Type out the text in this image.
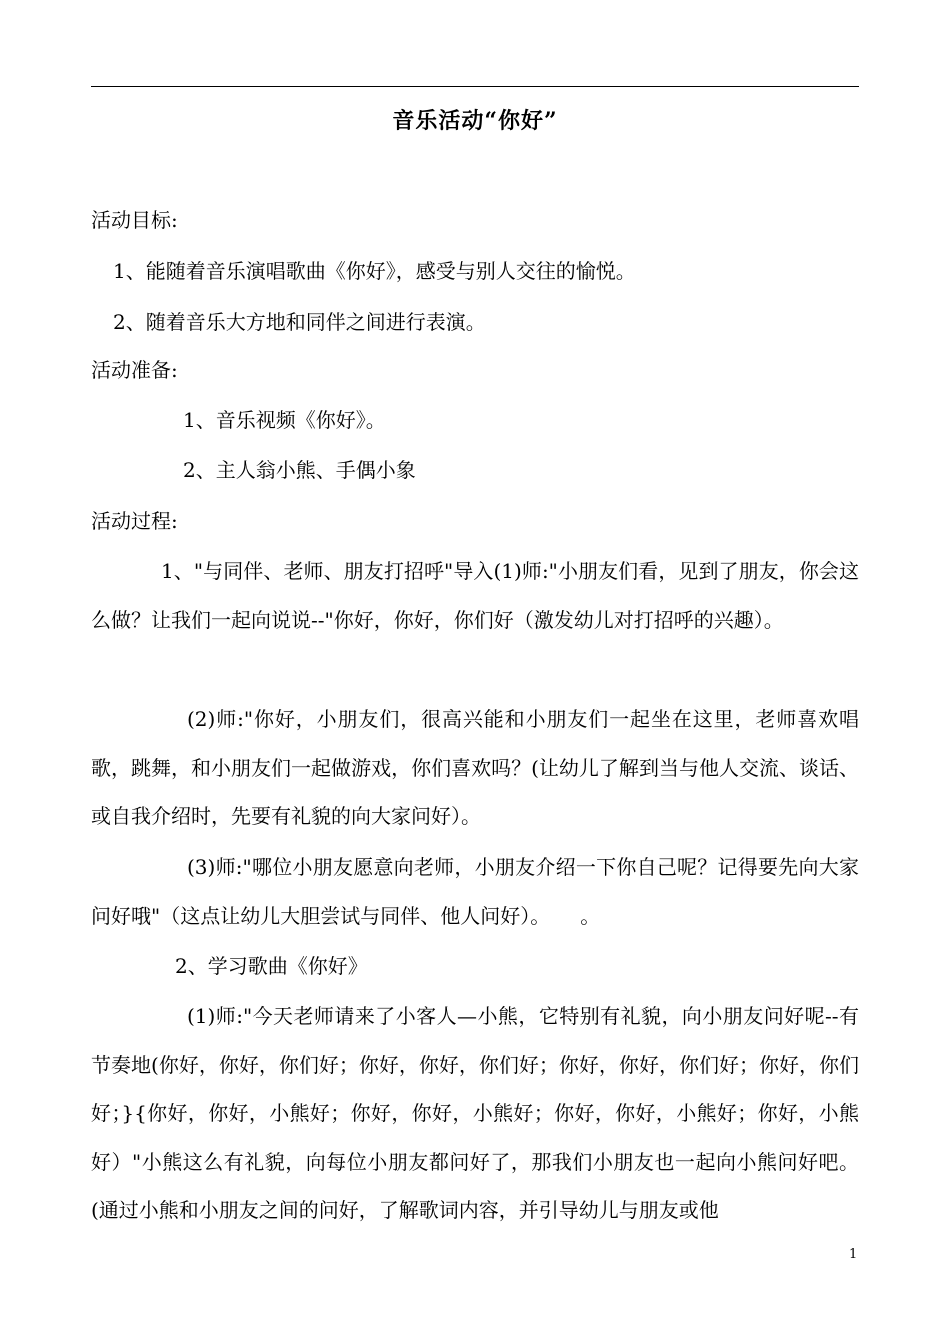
音乐活动“你好”
活动目标:
1、能随着音乐演唱歌曲《你好》，感受与别人交往的愉悦。
2、随着音乐大方地和同伴之间进行表演。
活动准备:
1、音乐视频《你好》。
2、主人翁小熊、手偶小象
活动过程:
1、"与同伴、老师、朋友打招呼"导入(1)师:"小朋友们看，见到了朋友，你会这么做？让我们一起向说说--"你好，你好，你们好（激发幼儿对打招呼的兴趣）。
(2)师:"你好，小朋友们，很高兴能和小朋友们一起坐在这里，老师喜欢唱歌，跳舞，和小朋友们一起做游戏，你们喜欢吗？(让幼儿了解到当与他人交流、谈话、或自我介绍时，先要有礼貌的向大家问好）。
(3)师:"哪位小朋友愿意向老师，小朋友介绍一下你自己呢？记得要先向大家问好哦"（这点让幼儿大胆尝试与同伴、他人问好）。　　。
2、学习歌曲《你好》
(1)师:"今天老师请来了小客人—小熊，它特别有礼貌，向小朋友问好呢--有节奏地(你好，你好，你们好；你好，你好，你们好；你好，你好，你们好；你好，你们好；}{你好，你好，小熊好；你好，你好，小熊好；你好，你好，小熊好；你好，小熊好）"小熊这么有礼貌，向每位小朋友都问好了，那我们小朋友也一起向小熊问好吧。(通过小熊和小朋友之间的问好，了解歌词内容，并引导幼儿与朋友或他
1
